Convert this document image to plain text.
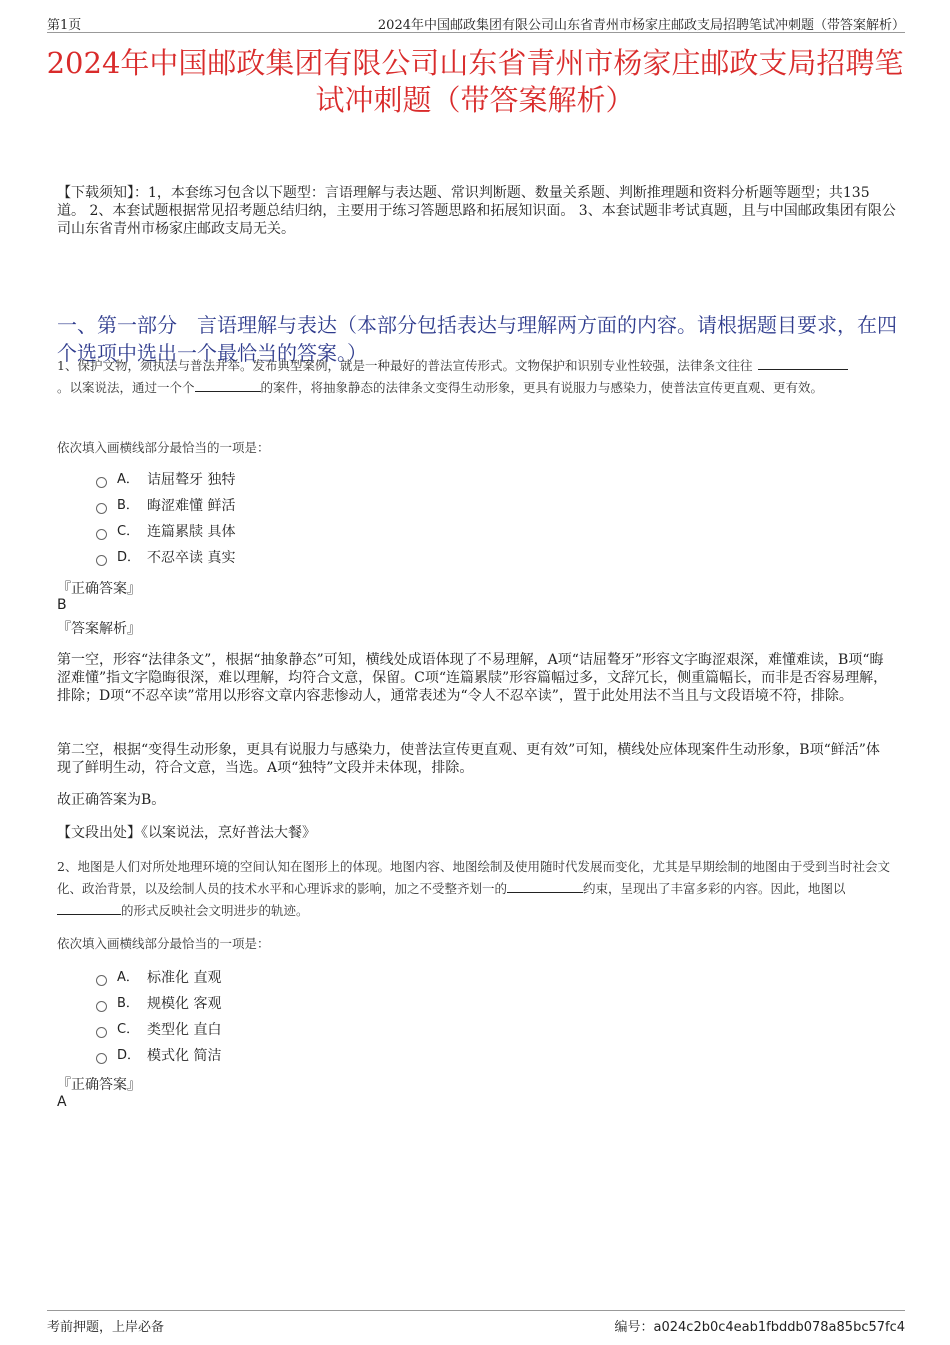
第1页	2024年中国邮政集团有限公司山东省青州市杨家庄邮政支局招聘笔试冲刺题（带答案解析）
2024年中国邮政集团有限公司山东省青州市杨家庄邮政支局招聘笔试冲刺题（带答案解析）
【下载须知】：1，本套练习包含以下题型：言语理解与表达题、常识判断题、数量关系题、判断推理题和资料分析题等题型；共135道。 2、本套试题根据常见招考题总结归纳，主要用于练习答题思路和拓展知识面。 3、本套试题非考试真题，且与中国邮政集团有限公司山东省青州市杨家庄邮政支局无关。
一、第一部分　言语理解与表达（本部分包括表达与理解两方面的内容。请根据题目要求，在四个选项中选出一个最恰当的答案。）
1、保护文物，须执法与普法并举。发布典型案例，就是一种最好的普法宣传形式。文物保护和识别专业性较强，法律条文往往
。以案说法，通过一个个	的案件，将抽象静态的法律条文变得生动形象，更具有说服力与感染力，使普法宣传更直观、更有效。
依次填入画横线部分最恰当的一项是：
A． 诘屈聱牙 独特
B． 晦涩难懂 鲜活
C． 连篇累牍 具体
D． 不忍卒读 真实
『正确答案』
B
『答案解析』
第一空，形容“法律条文”，根据“抽象静态”可知，横线处成语体现了不易理解，A项“诘屈聱牙”形容文字晦涩艰深，难懂难读，B项“晦涩难懂”指文字隐晦很深，难以理解，均符合文意，保留。C项“连篇累牍”形容篇幅过多，文辞冗长，侧重篇幅长，而非是否容易理解，排除；D项“不忍卒读”常用以形容文章内容悲惨动人，通常表述为“令人不忍卒读”，置于此处用法不当且与文段语境不符，排除。
第二空，根据“变得生动形象，更具有说服力与感染力，使普法宣传更直观、更有效”可知，横线处应体现案件生动形象，B项“鲜活”体现了鲜明生动，符合文意，当选。A项“独特”文段并未体现，排除。
故正确答案为B。
【文段出处】《以案说法，烹好普法大餐》
2、地图是人们对所处地理环境的空间认知在图形上的体现。地图内容、地图绘制及使用随时代发展而变化，尤其是早期绘制的地图由于受到当时社会文化、政治背景，以及绘制人员的技术水平和心理诉求的影响，加之不受整齐划一的	约束，呈现出了丰富多彩的内容。因此，地图以的形式反映社会文明进步的轨迹。
依次填入画横线部分最恰当的一项是：
A． 标准化 直观
B． 规模化 客观
C． 类型化 直白
D． 模式化 简洁
『正确答案』
A
考前押题，上岸必备	编号：a024c2b0c4eab1fbddb078a85bc57fc4
